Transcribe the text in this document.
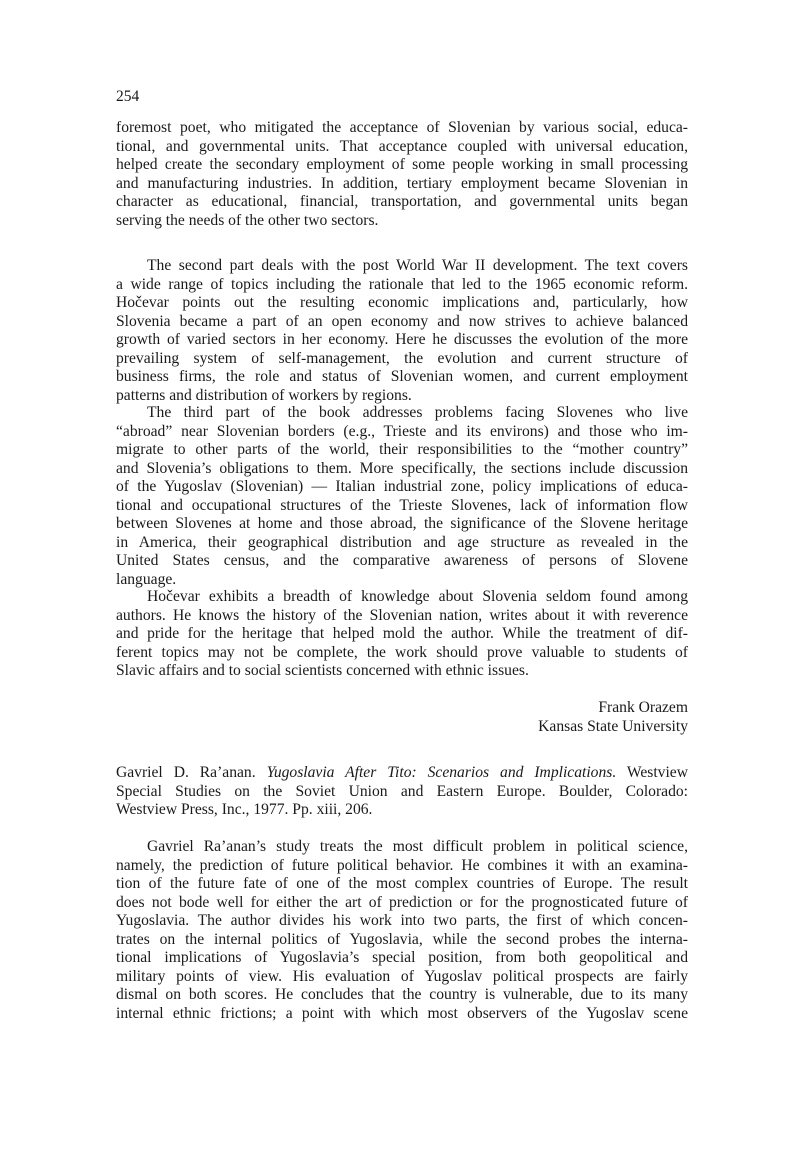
254
foremost poet, who mitigated the acceptance of Slovenian by various social, educa-
tional, and governmental units. That acceptance coupled with universal education,
helped create the secondary employment of some people working in small processing
and manufacturing industries. In addition, tertiary employment became Slovenian in
character as educational, financial, transportation, and governmental units began
serving the needs of the other two sectors.
The second part deals with the post World War II development. The text covers
a wide range of topics including the rationale that led to the 1965 economic reform.
Hočevar points out the resulting economic implications and, particularly, how
Slovenia became a part of an open economy and now strives to achieve balanced
growth of varied sectors in her economy. Here he discusses the evolution of the more
prevailing system of self-management, the evolution and current structure of
business firms, the role and status of Slovenian women, and current employment
patterns and distribution of workers by regions.
The third part of the book addresses problems facing Slovenes who live
“abroad” near Slovenian borders (e.g., Trieste and its environs) and those who im-
migrate to other parts of the world, their responsibilities to the “mother country”
and Slovenia’s obligations to them. More specifically, the sections include discussion
of the Yugoslav (Slovenian) — Italian industrial zone, policy implications of educa-
tional and occupational structures of the Trieste Slovenes, lack of information flow
between Slovenes at home and those abroad, the significance of the Slovene heritage
in America, their geographical distribution and age structure as revealed in the
United States census, and the comparative awareness of persons of Slovene
language.
Hočevar exhibits a breadth of knowledge about Slovenia seldom found among
authors. He knows the history of the Slovenian nation, writes about it with reverence
and pride for the heritage that helped mold the author. While the treatment of dif-
ferent topics may not be complete, the work should prove valuable to students of
Slavic affairs and to social scientists concerned with ethnic issues.
Frank Orazem
Kansas State University
Gavriel D. Ra’anan. Yugoslavia After Tito: Scenarios and Implications. Westview
Special Studies on the Soviet Union and Eastern Europe. Boulder, Colorado:
Westview Press, Inc., 1977. Pp. xiii, 206.
Gavriel Ra’anan’s study treats the most difficult problem in political science,
namely, the prediction of future political behavior. He combines it with an examina-
tion of the future fate of one of the most complex countries of Europe. The result
does not bode well for either the art of prediction or for the prognosticated future of
Yugoslavia. The author divides his work into two parts, the first of which concen-
trates on the internal politics of Yugoslavia, while the second probes the interna-
tional implications of Yugoslavia’s special position, from both geopolitical and
military points of view. His evaluation of Yugoslav political prospects are fairly
dismal on both scores. He concludes that the country is vulnerable, due to its many
internal ethnic frictions; a point with which most observers of the Yugoslav scene
